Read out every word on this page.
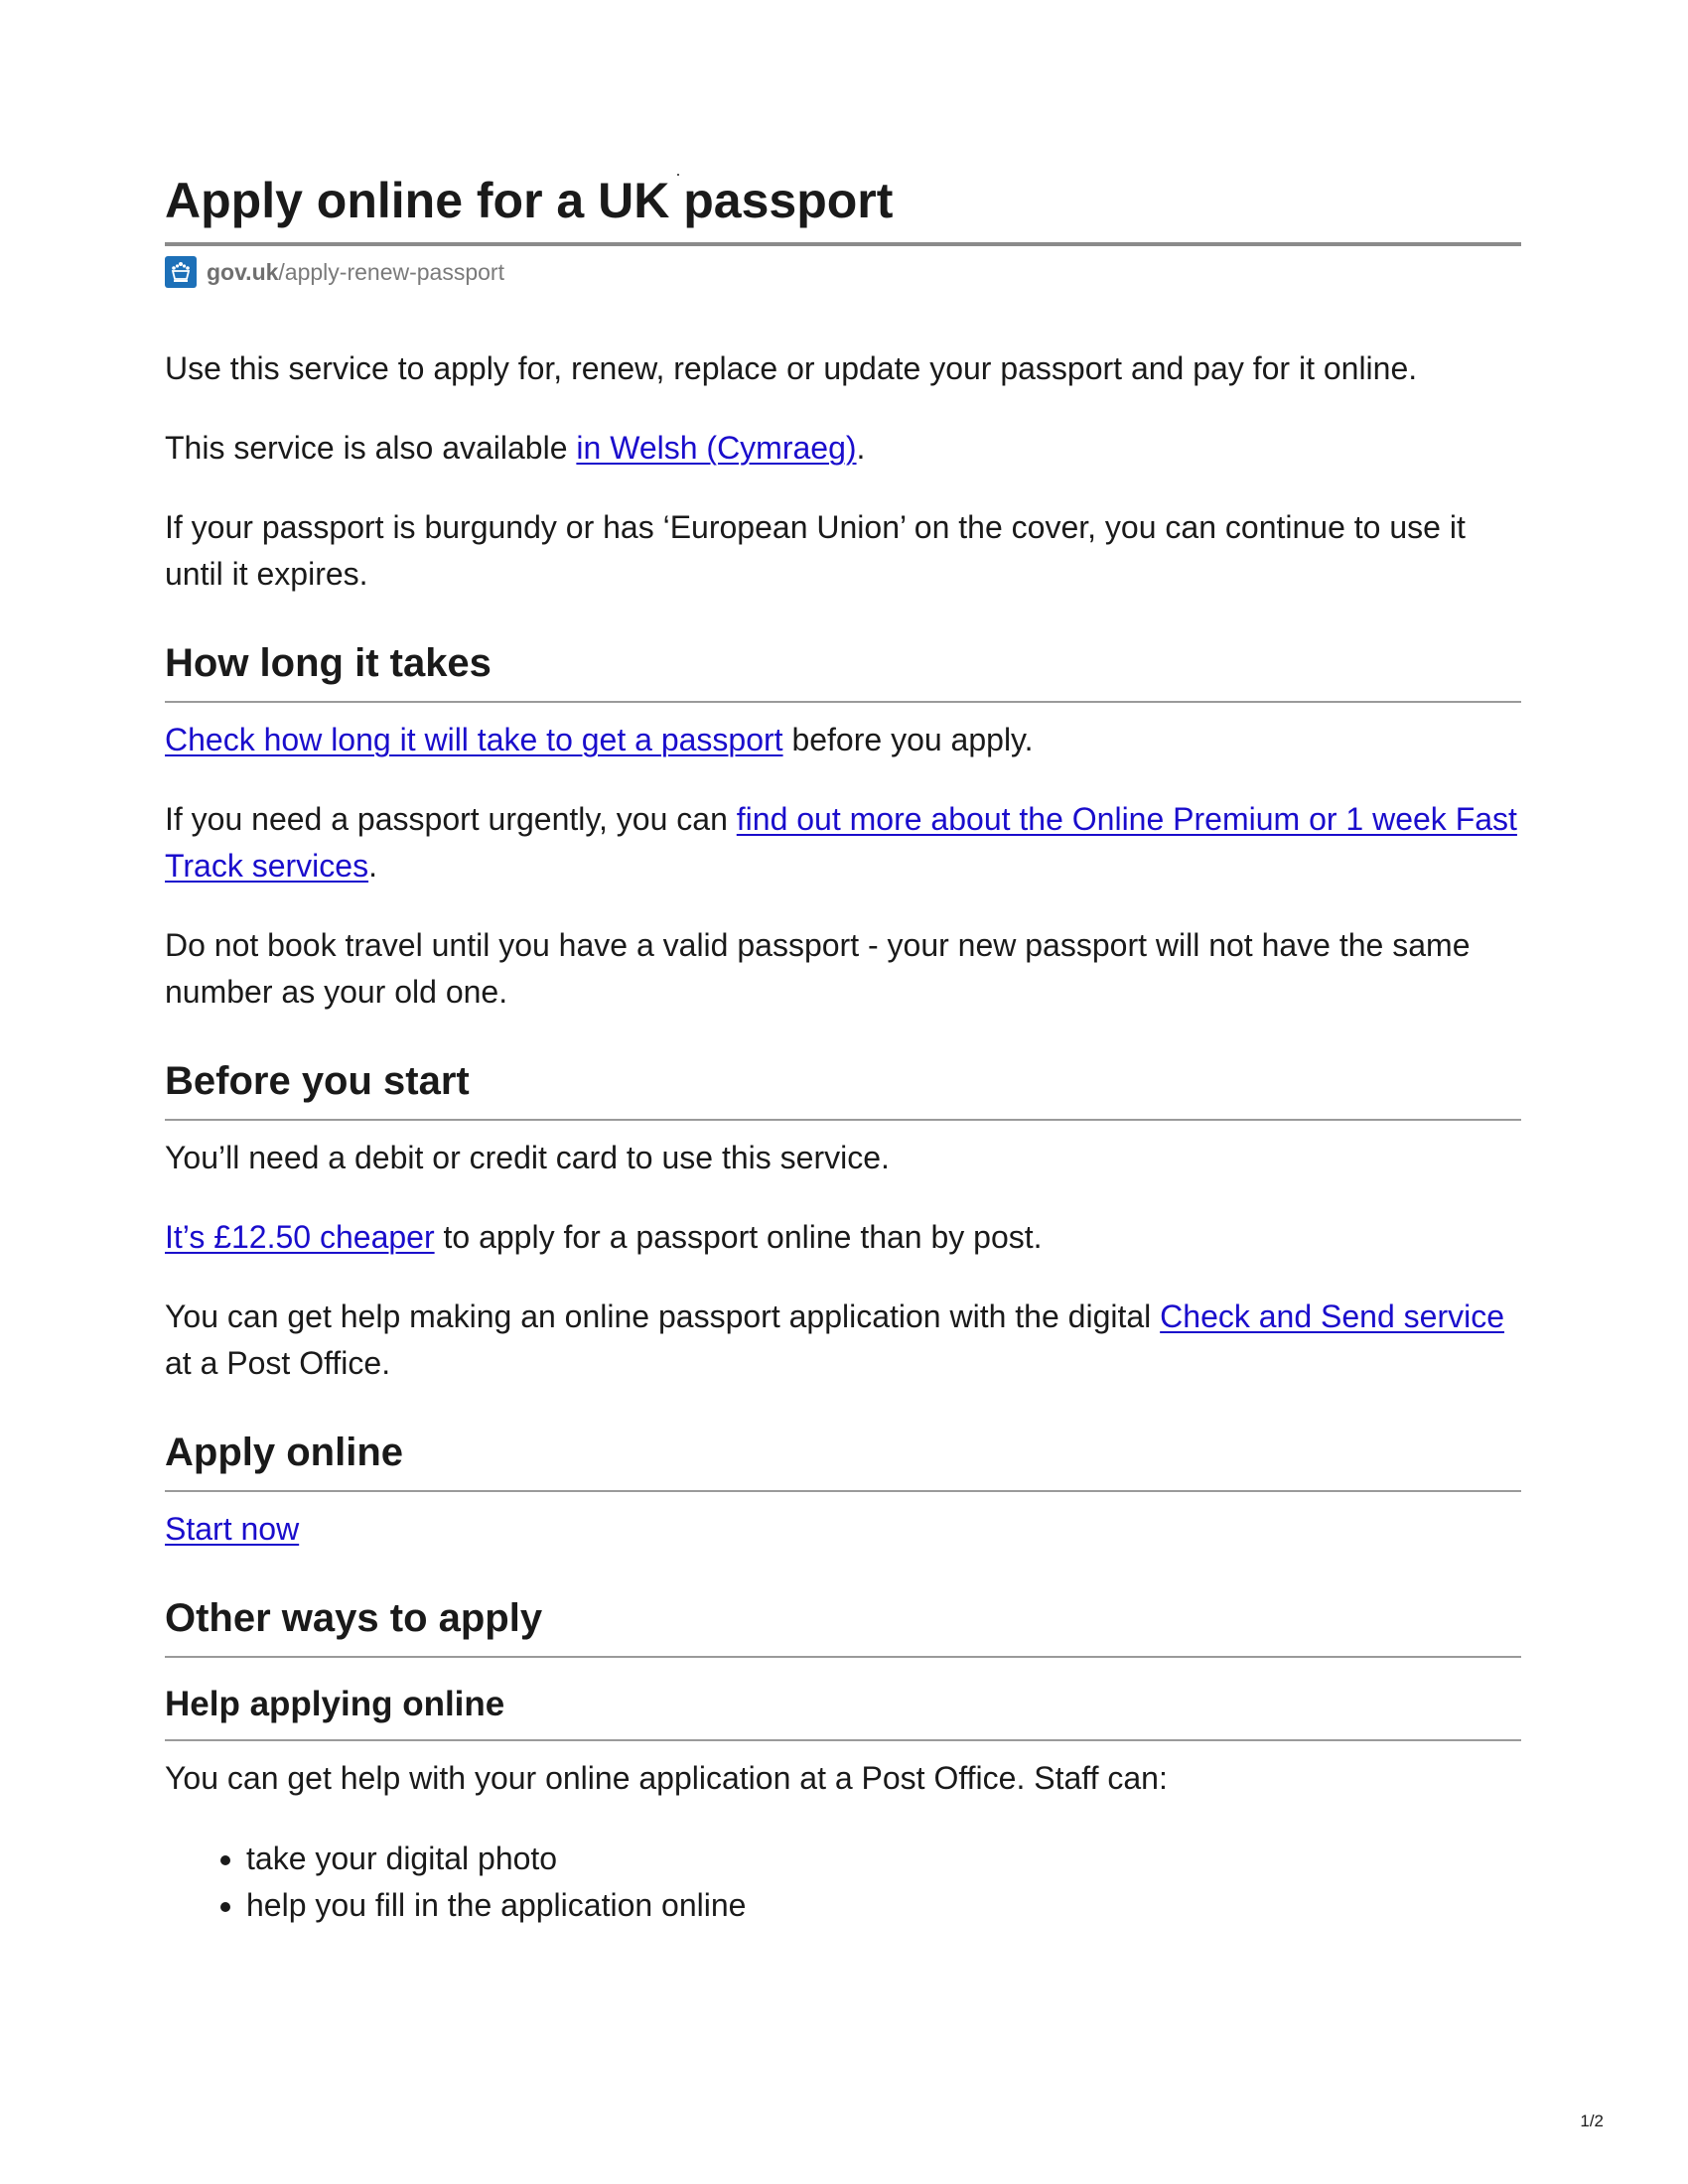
Apply online for a UK passport
gov.uk /apply-renew-passport

Use this service to apply for, renew, replace or update your passport and pay for it online.

This service is also available in Welsh (Cymraeg).

If your passport is burgundy or has ‘European Union’ on the cover, you can continue to use it until it expires.

How long it takes

Check how long it will take to get a passport before you apply.

If you need a passport urgently, you can find out more about the Online Premium or 1 week Fast Track services.

Do not book travel until you have a valid passport - your new passport will not have the same number as your old one.

Before you start

You’ll need a debit or credit card to use this service.

It’s £12.50 cheaper to apply for a passport online than by post.

You can get help making an online passport application with the digital Check and Send service at a Post Office.

Apply online

Start now

Other ways to apply
Help applying online

You can get help with your online application at a Post Office. Staff can:

• take your digital photo
• help you fill in the application online
1/2
